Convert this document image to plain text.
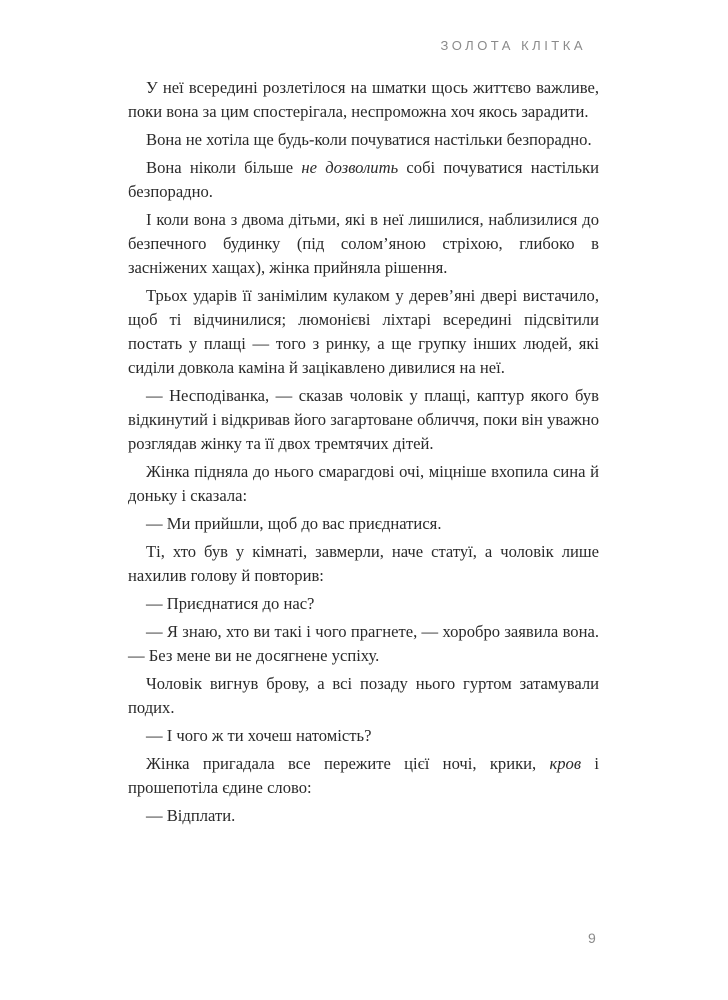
ЗОЛОТА КЛІТКА

У неї всередині розлетілося на шматки щось життєво важливе, поки вона за цим спостерігала, неспроможна хоч якось зарадити.

Вона не хотіла ще будь-коли почуватися настільки безпорадно.

Вона ніколи більше не дозволить собі почуватися настільки безпорадно.

І коли вона з двома дітьми, які в неї лишилися, наблизилися до безпечного будинку (під солом’яною стріхою, глибоко в засніжених хащах), жінка прийняла рішення.

Трьох ударів її занімілим кулаком у дерев’яні двері вистачило, щоб ті відчинилися; люмонієві ліхтарі всередині підсвітили постать у плащі — того з ринку, а ще групку інших людей, які сиділи довкола каміна й зацікавлено дивилися на неї.

— Несподіванка, — сказав чоловік у плащі, каптур якого був відкинутий і відкривав його загартоване обличчя, поки він уважно розглядав жінку та її двох тремтячих дітей.

Жінка підняла до нього смарагдові очі, міцніше вхопила сина й доньку і сказала:

— Ми прийшли, щоб до вас приєднатися.

Ті, хто був у кімнаті, завмерли, наче статуї, а чоловік лише нахилив голову й повторив:

— Приєднатися до нас?

— Я знаю, хто ви такі і чого прагнете, — хоробро заявила вона. — Без мене ви не досягнене успіху.

Чоловік вигнув брову, а всі позаду нього гуртом затамували подих.

— І чого ж ти хочеш натомість?

Жінка пригадала все пережите цієї ночі, крики, кров і прошепотіла єдине слово:

— Відплати.

9
